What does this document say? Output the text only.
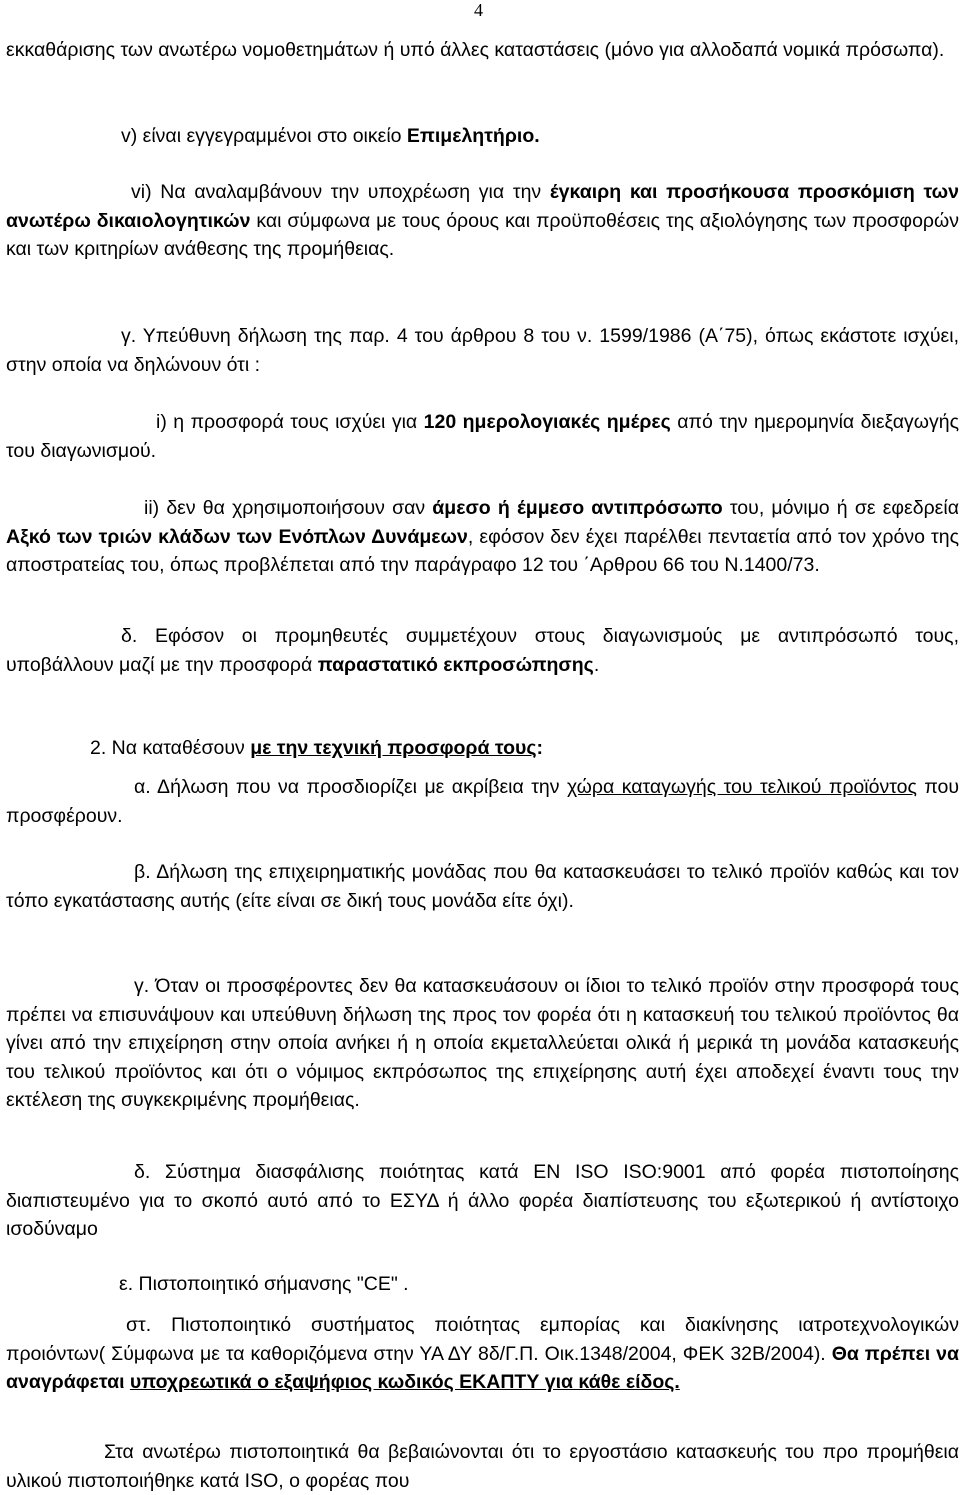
4
εκκαθάρισης των ανωτέρω νομοθετημάτων ή υπό άλλες καταστάσεις (μόνο για αλλοδαπά νομικά πρόσωπα).
v) είναι εγγεγραμμένοι στο οικείο Επιμελητήριο.
vi) Να αναλαμβάνουν την υποχρέωση για την έγκαιρη και προσήκουσα προσκόμιση των ανωτέρω δικαιολογητικών και σύμφωνα με τους όρους και προϋποθέσεις της αξιολόγησης των προσφορών και των κριτηρίων ανάθεσης της προμήθειας.
γ. Υπεύθυνη δήλωση της παρ. 4 του άρθρου 8 του ν. 1599/1986 (Α΄75), όπως εκάστοτε ισχύει, στην οποία να δηλώνουν ότι :
i) η προσφορά τους ισχύει για 120 ημερολογιακές ημέρες από την ημερομηνία διεξαγωγής του διαγωνισμού.
ii) δεν θα χρησιμοποιήσουν σαν άμεσο ή έμμεσο αντιπρόσωπο του, μόνιμο ή σε εφεδρεία Αξκό των τριών κλάδων των Ενόπλων Δυνάμεων, εφόσον δεν έχει παρέλθει πενταετία από τον χρόνο της αποστρατείας του, όπως προβλέπεται από την παράγραφο 12 του ΄Αρθρου 66 του Ν.1400/73.
δ. Εφόσον οι προμηθευτές συμμετέχουν στους διαγωνισμούς με αντιπρόσωπό τους, υποβάλλουν μαζί με την προσφορά παραστατικό εκπροσώπησης.
2. Να καταθέσουν με την τεχνική προσφορά τους:
α. Δήλωση που να προσδιορίζει με ακρίβεια την χώρα καταγωγής του τελικού προϊόντος που προσφέρουν.
β. Δήλωση της επιχειρηματικής μονάδας που θα κατασκευάσει το τελικό προϊόν καθώς και τον τόπο εγκατάστασης αυτής (είτε είναι σε δική τους μονάδα είτε όχι).
γ. Όταν οι προσφέροντες δεν θα κατασκευάσουν οι ίδιοι το τελικό προϊόν στην προσφορά τους πρέπει να επισυνάψουν και υπεύθυνη δήλωση της προς τον φορέα ότι η κατασκευή του τελικού προϊόντος θα γίνει από την επιχείρηση στην οποία ανήκει ή η οποία εκμεταλλεύεται ολικά ή μερικά τη μονάδα κατασκευής του τελικού προϊόντος και ότι ο νόμιμος εκπρόσωπος της επιχείρησης αυτή έχει αποδεχεί έναντι τους την εκτέλεση της συγκεκριμένης προμήθειας.
δ. Σύστημα διασφάλισης ποιότητας κατά EN ISO ISO:9001 από φορέα πιστοποίησης διαπιστευμένο για το σκοπό αυτό από το ΕΣΥΔ ή άλλο φορέα διαπίστευσης του εξωτερικού ή αντίστοιχο ισοδύναμο
ε. Πιστοποιητικό σήμανσης "CE" .
στ. Πιστοποιητικό συστήματος ποιότητας εμπορίας και διακίνησης ιατροτεχνολογικών προιόντων( Σύμφωνα με τα καθοριζόμενα στην ΥΑ ΔΥ 8δ/Γ.Π. Οικ.1348/2004, ΦΕΚ 32Β/2004). Θα πρέπει να αναγράφεται υποχρεωτικά ο εξαψήφιος κωδικός ΕΚΑΠΤΥ για κάθε είδος.
Στα ανωτέρω πιστοποιητικά θα βεβαιώνονται ότι το εργοστάσιο κατασκευής του προ προμήθεια υλικού πιστοποιήθηκε κατά ISO, ο φορέας που
